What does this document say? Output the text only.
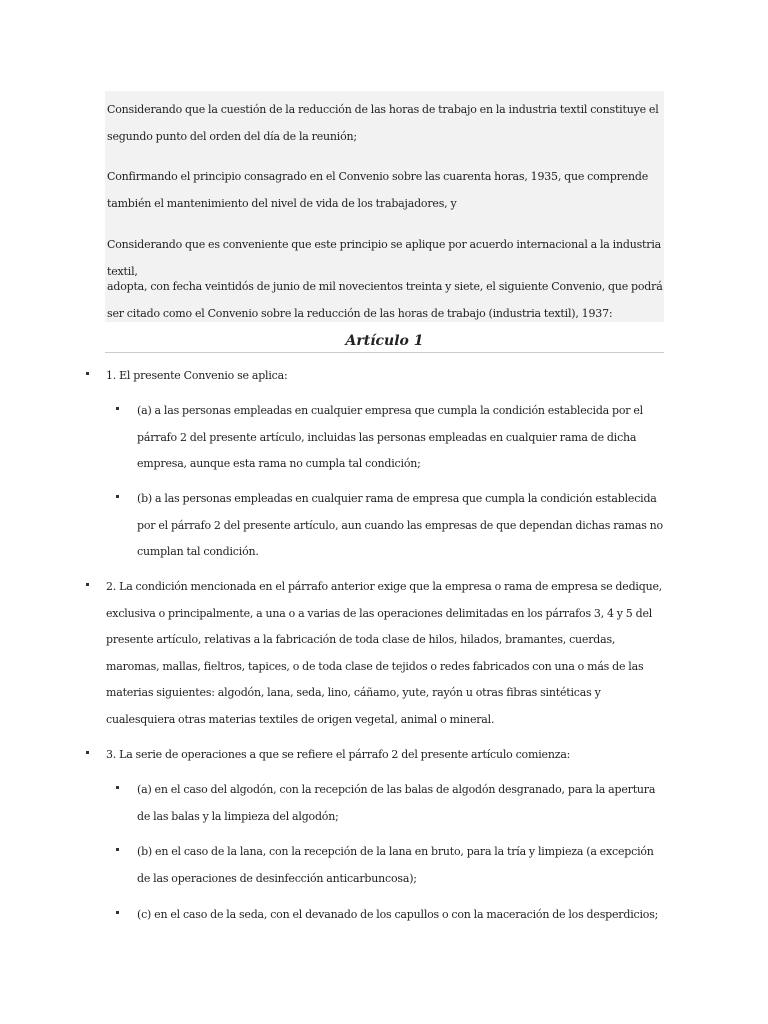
Considerando que la cuestión de la reducción de las horas de trabajo en la industria textil constituye el segundo punto del orden del día de la reunión;

Confirmando el principio consagrado en el Convenio sobre las cuarenta horas, 1935, que comprende también el mantenimiento del nivel de vida de los trabajadores, y

Considerando que es conveniente que este principio se aplique por acuerdo internacional a la industria textil,

adopta, con fecha veintidós de junio de mil novecientos treinta y siete, el siguiente Convenio, que podrá ser citado como el Convenio sobre la reducción de las horas de trabajo (industria textil), 1937:

Artículo 1

1. El presente Convenio se aplica:

(a) a las personas empleadas en cualquier empresa que cumpla la condición establecida por el párrafo 2 del presente artículo, incluidas las personas empleadas en cualquier rama de dicha empresa, aunque esta rama no cumpla tal condición;

(b) a las personas empleadas en cualquier rama de empresa que cumpla la condición establecida por el párrafo 2 del presente artículo, aun cuando las empresas de que dependan dichas ramas no cumplan tal condición.

2. La condición mencionada en el párrafo anterior exige que la empresa o rama de empresa se dedique, exclusiva o principalmente, a una o a varias de las operaciones delimitadas en los párrafos 3, 4 y 5 del presente artículo, relativas a la fabricación de toda clase de hilos, hilados, bramantes, cuerdas, maromas, mallas, fieltros, tapices, o de toda clase de tejidos o redes fabricados con una o más de las materias siguientes: algodón, lana, seda, lino, cáñamo, yute, rayón u otras fibras sintéticas y cualesquiera otras materias textiles de origen vegetal, animal o mineral.

3. La serie de operaciones a que se refiere el párrafo 2 del presente artículo comienza:

(a) en el caso del algodón, con la recepción de las balas de algodón desgranado, para la apertura de las balas y la limpieza del algodón;

(b) en el caso de la lana, con la recepción de la lana en bruto, para la tría y limpieza (a excepción de las operaciones de desinfección anticarbuncosa);

(c) en el caso de la seda, con el devanado de los capullos o con la maceración de los desperdicios;
